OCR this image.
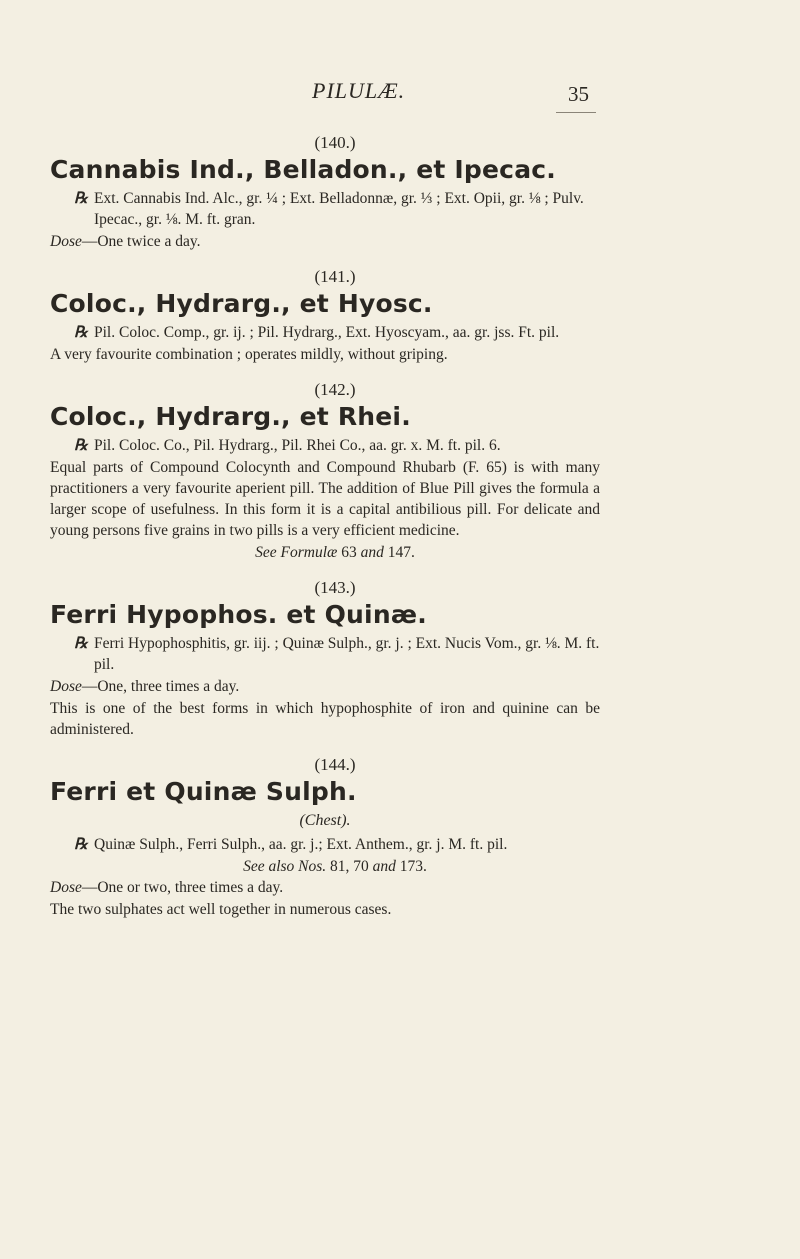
PILULÆ.	35

(140.)

Cannabis Ind., Belladon., et Ipecac.

℞ Ext. Cannabis Ind. Alc., gr. ¼ ; Ext. Belladonnæ, gr. ⅓ ; Ext. Opii, gr. ⅛ ; Pulv. Ipecac., gr. ⅛. M. ft. gran.

Dose—One twice a day.

(141.)

Coloc., Hydrarg., et Hyosc.

℞ Pil. Coloc. Comp., gr. ij. ; Pil. Hydrarg., Ext. Hyoscyam., aa. gr. jss. Ft. pil.

A very favourite combination ; operates mildly, without griping.

(142.)

Coloc., Hydrarg., et Rhei.

℞ Pil. Coloc. Co., Pil. Hydrarg., Pil. Rhei Co., aa. gr. x. M. ft. pil. 6.

Equal parts of Compound Colocynth and Compound Rhubarb (F. 65) is with many practitioners a very favourite aperient pill. The addition of Blue Pill gives the formula a larger scope of usefulness. In this form it is a capital antibilious pill. For delicate and young persons five grains in two pills is a very efficient medicine.

See Formulæ 63 and 147.

(143.)

Ferri Hypophos. et Quinæ.

℞ Ferri Hypophosphitis, gr. iij. ; Quinæ Sulph., gr. j. ; Ext. Nucis Vom., gr. ⅛. M. ft. pil.

Dose—One, three times a day.

This is one of the best forms in which hypophosphite of iron and quinine can be administered.

(144.)

Ferri et Quinæ Sulph.

(Chest).

℞ Quinæ Sulph., Ferri Sulph., aa. gr. j.; Ext. Anthem., gr. j. M. ft. pil.

See also Nos. 81, 70 and 173.

Dose—One or two, three times a day.

The two sulphates act well together in numerous cases.
